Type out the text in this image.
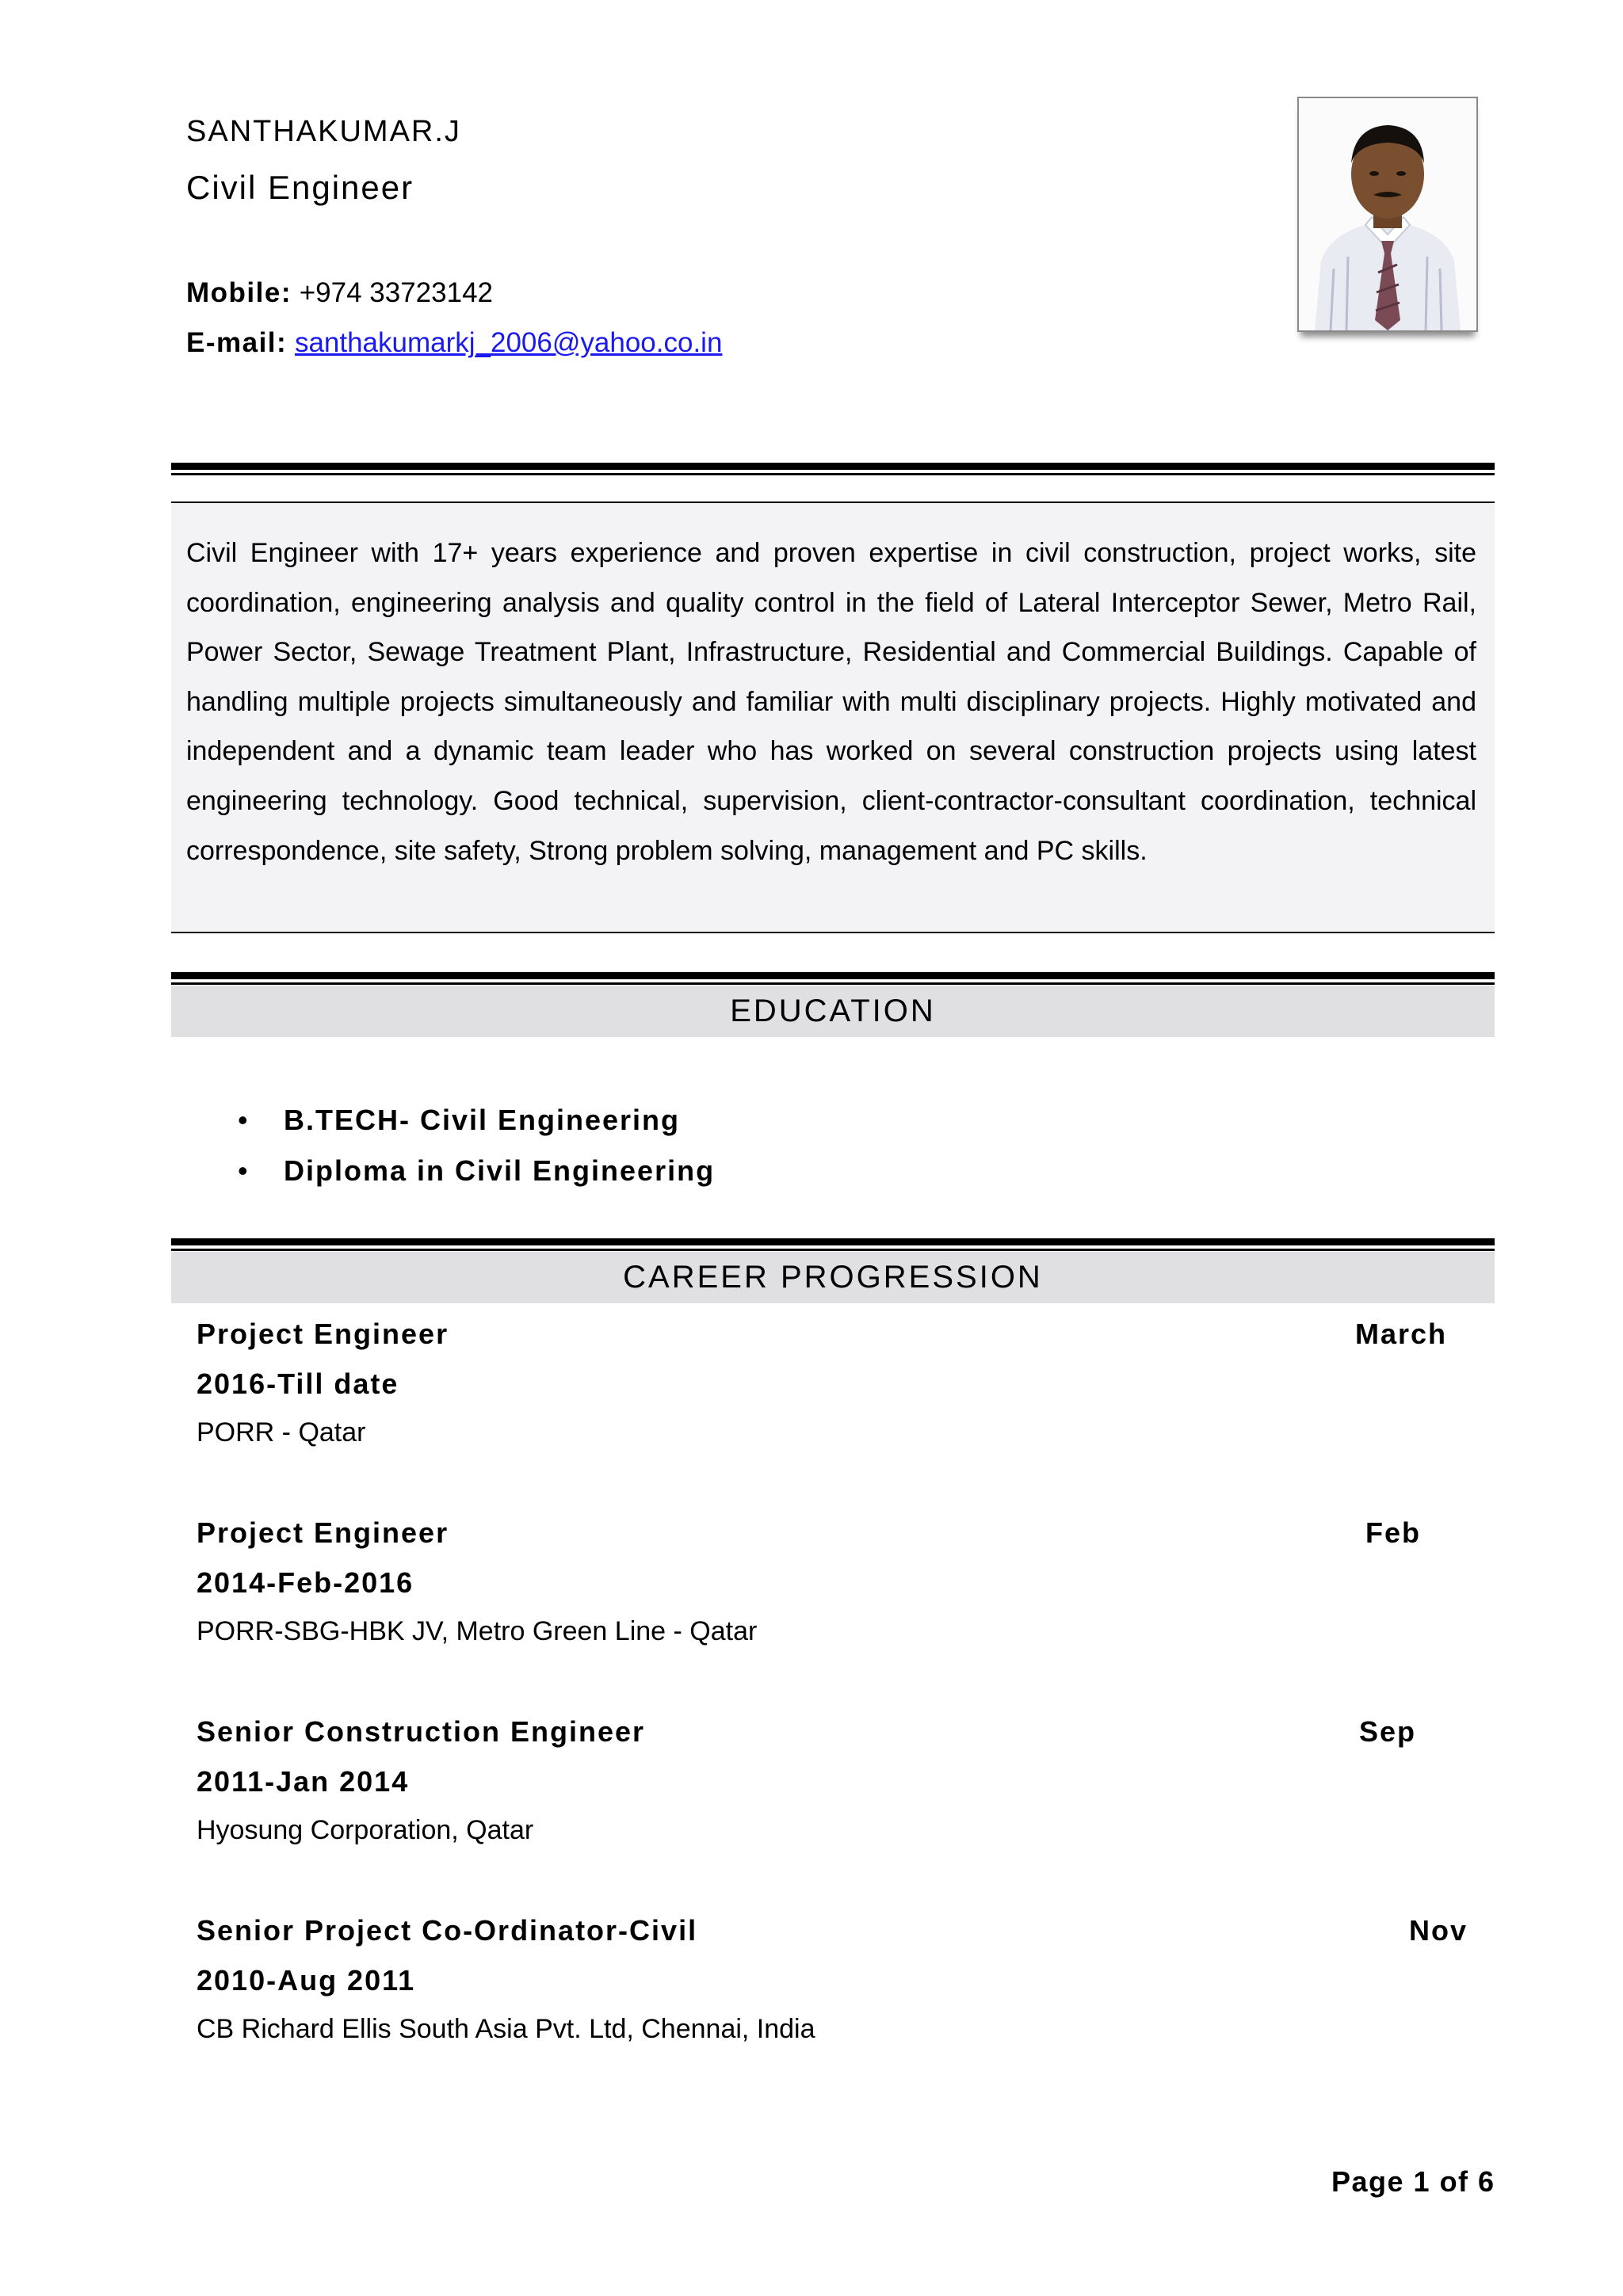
SANTHAKUMAR.J
Civil Engineer
Mobile: +974 33723142
E-mail: santhakumarkj_2006@yahoo.co.in
Civil Engineer with 17+ years experience and proven expertise in civil construction, project works, site coordination, engineering analysis and quality control in the field of Lateral Interceptor Sewer, Metro Rail, Power Sector, Sewage Treatment Plant, Infrastructure, Residential and Commercial Buildings. Capable of handling multiple projects simultaneously and familiar with multi disciplinary projects. Highly motivated and independent and a dynamic team leader who has worked on several construction projects using latest engineering technology. Good technical, supervision, client-contractor-consultant coordination, technical correspondence, site safety, Strong problem solving, management and PC skills.
EDUCATION
• B.TECH- Civil Engineering
• Diploma in Civil Engineering
CAREER PROGRESSION
Project Engineer	March
2016-Till date
PORR - Qatar
Project Engineer	Feb
2014-Feb-2016
PORR-SBG-HBK JV, Metro Green Line - Qatar
Senior Construction Engineer	Sep
2011-Jan 2014
Hyosung Corporation, Qatar
Senior Project Co-Ordinator-Civil	Nov
2010-Aug 2011
CB Richard Ellis South Asia Pvt. Ltd, Chennai, India
Page 1 of 6
